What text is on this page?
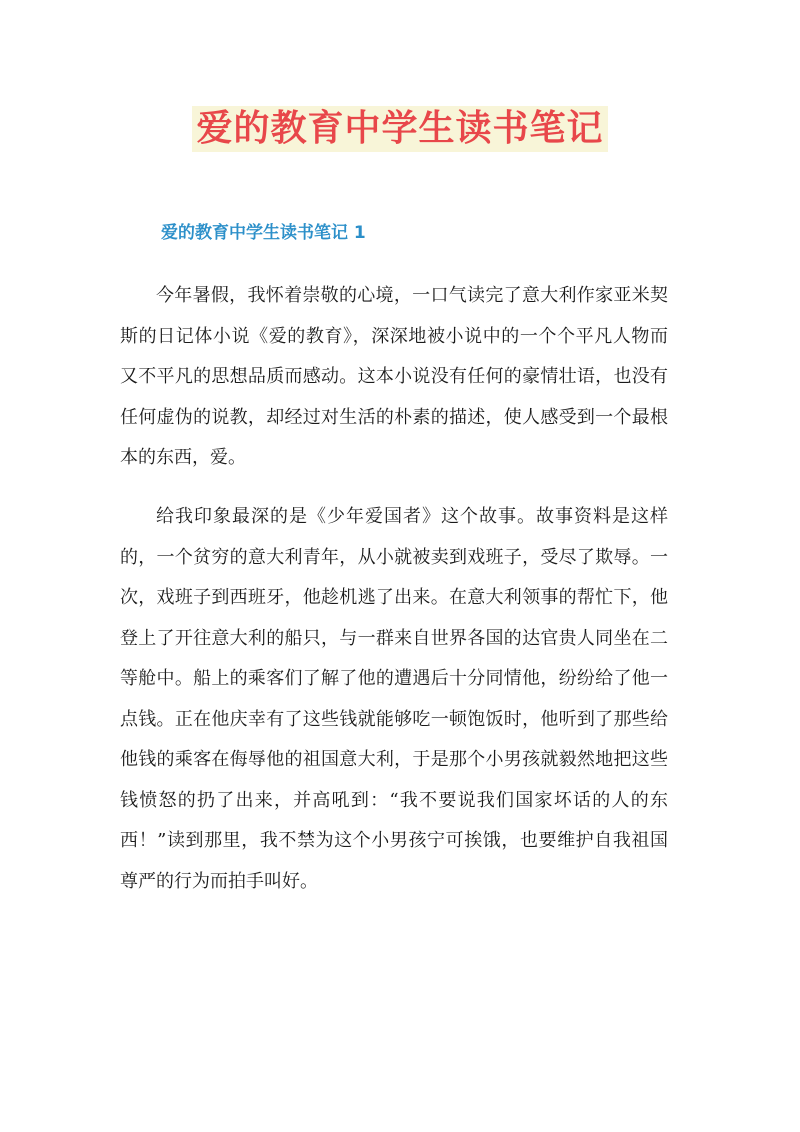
爱的教育中学生读书笔记
爱的教育中学生读书笔记 1

今年暑假，我怀着崇敬的心境，一口气读完了意大利作家亚米契斯的日记体小说《爱的教育》，深深地被小说中的一个个平凡人物而又不平凡的思想品质而感动。这本小说没有任何的豪情壮语，也没有任何虚伪的说教，却经过对生活的朴素的描述，使人感受到一个最根本的东西，爱。

给我印象最深的是《少年爱国者》这个故事。故事资料是这样的，一个贫穷的意大利青年，从小就被卖到戏班子，受尽了欺辱。一次，戏班子到西班牙，他趁机逃了出来。在意大利领事的帮忙下，他登上了开往意大利的船只，与一群来自世界各国的达官贵人同坐在二等舱中。船上的乘客们了解了他的遭遇后十分同情他，纷纷给了他一点钱。正在他庆幸有了这些钱就能够吃一顿饱饭时，他听到了那些给他钱的乘客在侮辱他的祖国意大利，于是那个小男孩就毅然地把这些钱愤怒的扔了出来，并高吼到：“我不要说我们国家坏话的人的东西！”读到那里，我不禁为这个小男孩宁可挨饿，也要维护自我祖国尊严的行为而拍手叫好。
